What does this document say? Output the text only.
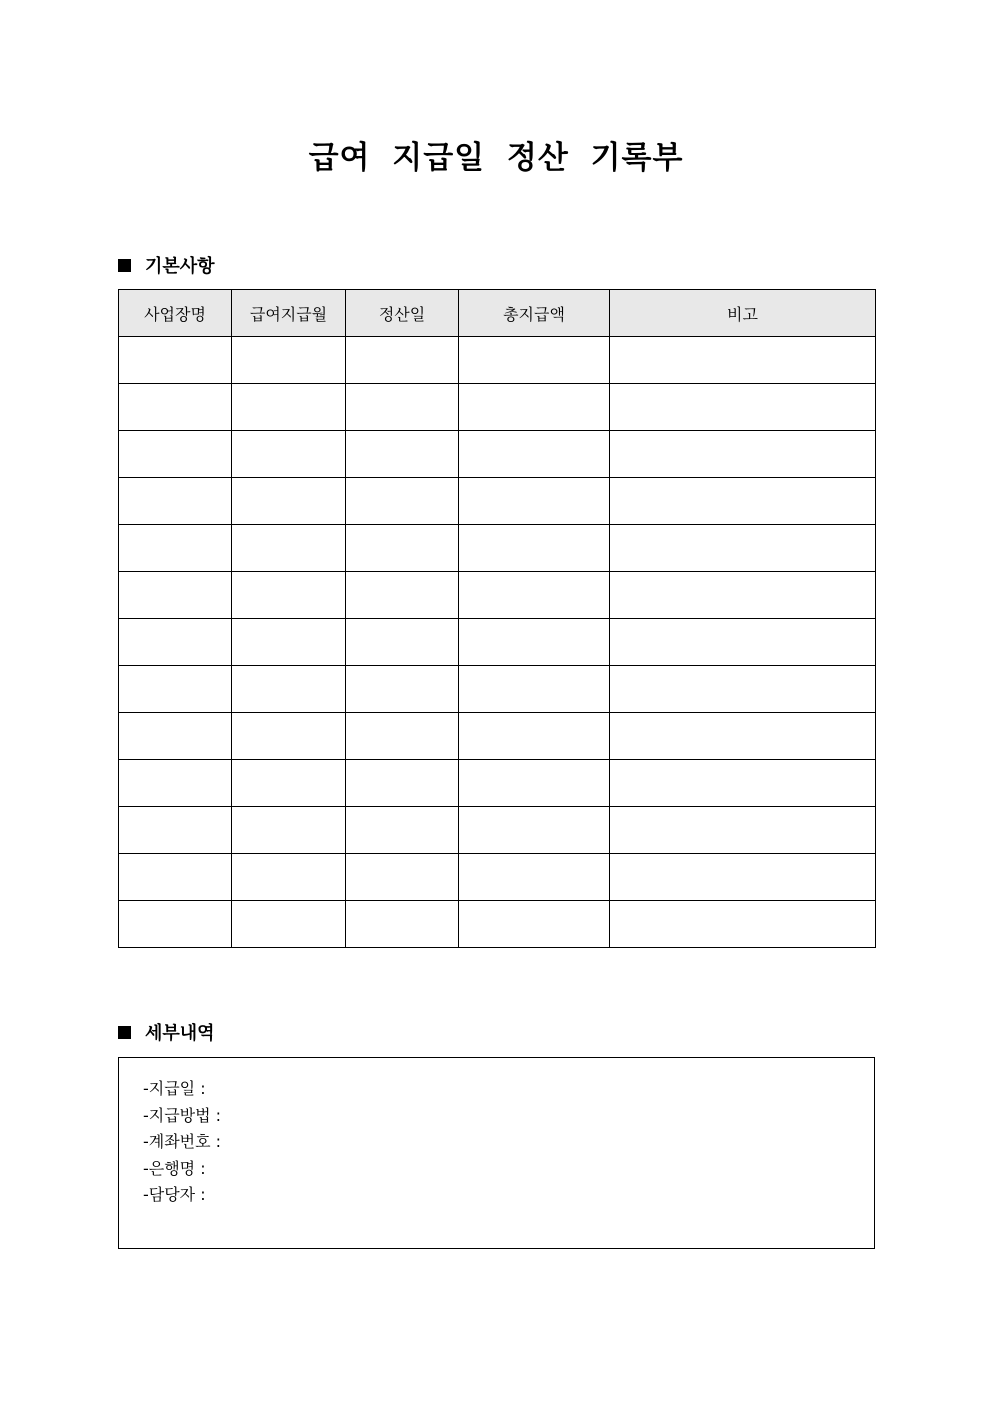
급여 지급일 정산 기록부
기본사항
사업장명	급여지급월	정산일	총지급액	비고

세부내역
-지급일 :
-지급방법 :
-계좌번호 :
-은행명 :
-담당자 :
